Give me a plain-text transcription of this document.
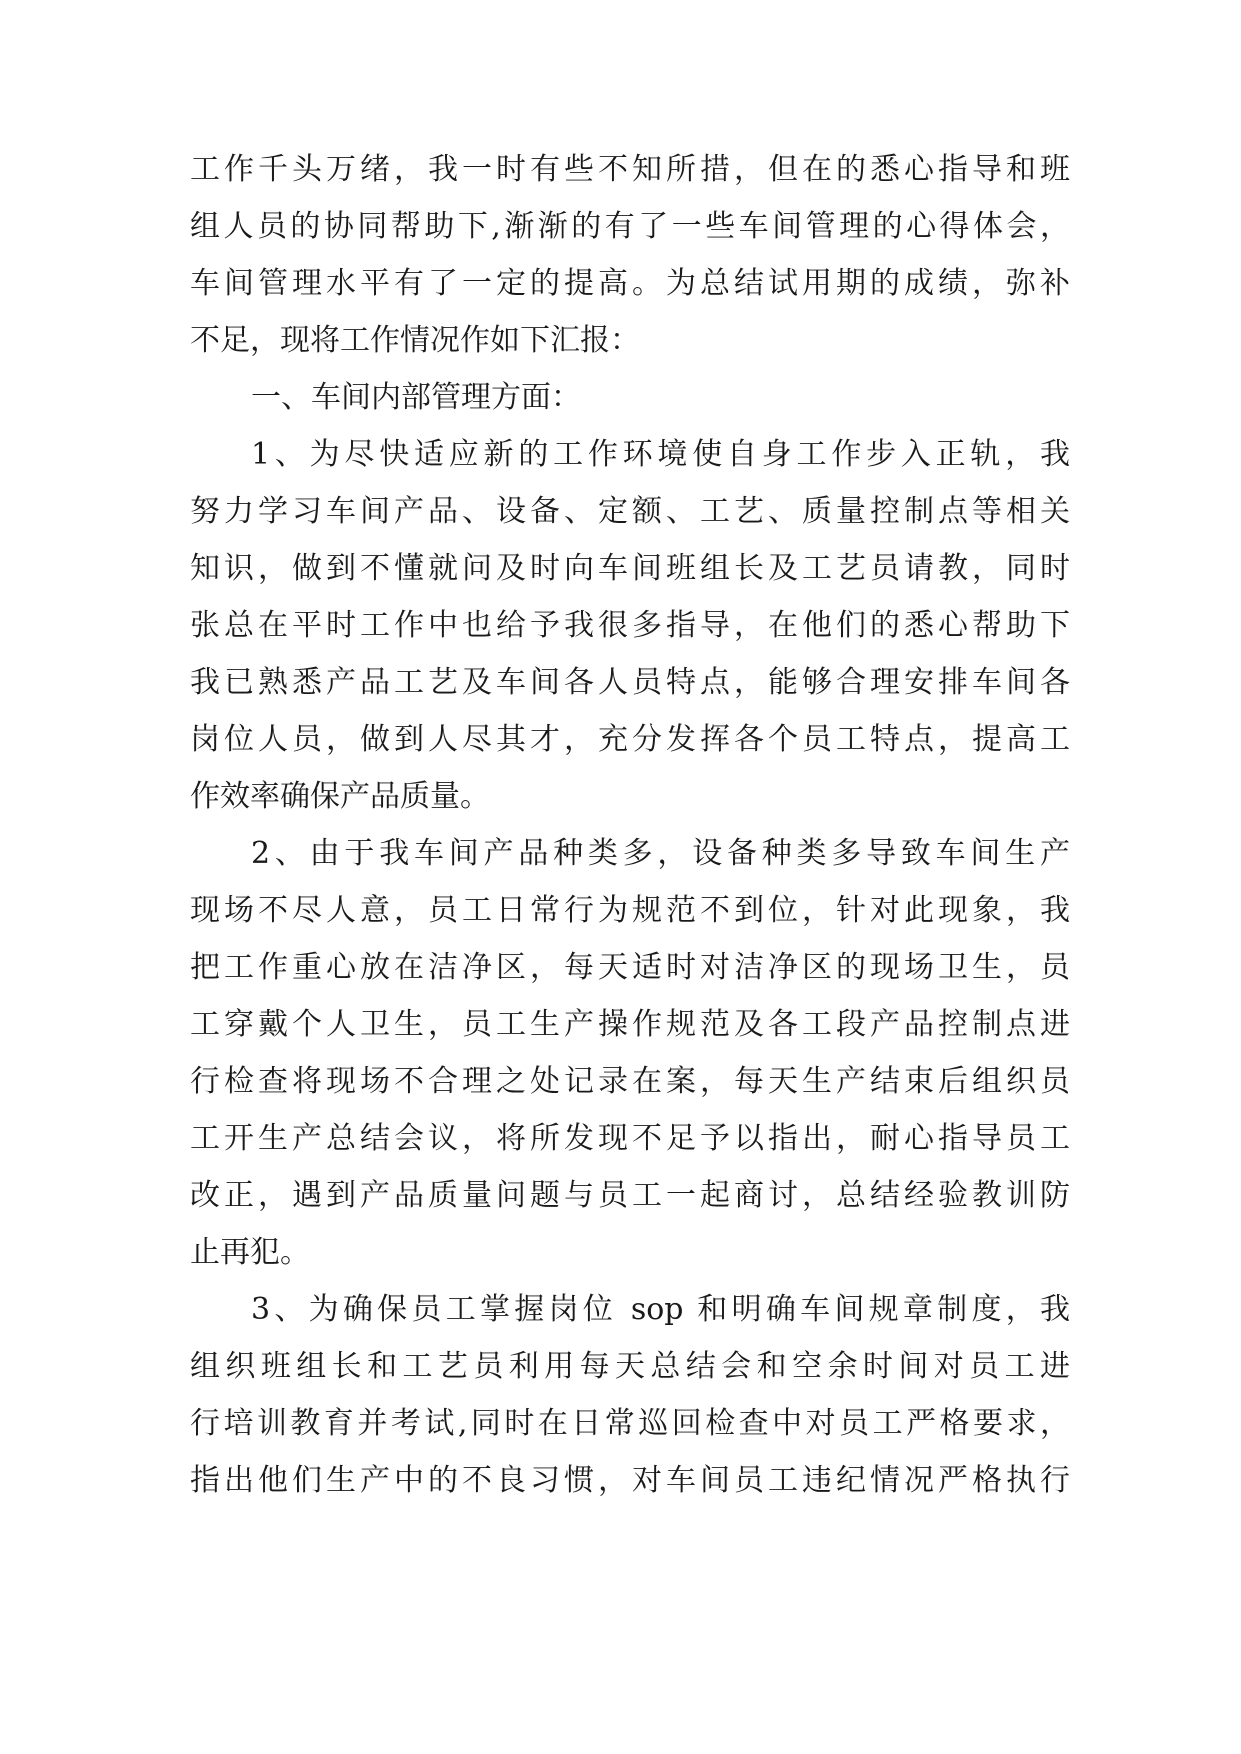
工作千头万绪，我一时有些不知所措，但在的悉心指导和班
组人员的协同帮助下,渐渐的有了一些车间管理的心得体会，
车间管理水平有了一定的提高。为总结试用期的成绩，弥补
不足，现将工作情况作如下汇报：
一、车间内部管理方面：
1、为尽快适应新的工作环境使自身工作步入正轨，我
努力学习车间产品、设备、定额、工艺、质量控制点等相关
知识，做到不懂就问及时向车间班组长及工艺员请教，同时
张总在平时工作中也给予我很多指导，在他们的悉心帮助下
我已熟悉产品工艺及车间各人员特点，能够合理安排车间各
岗位人员，做到人尽其才，充分发挥各个员工特点，提高工
作效率确保产品质量。
2、由于我车间产品种类多，设备种类多导致车间生产
现场不尽人意，员工日常行为规范不到位，针对此现象，我
把工作重心放在洁净区，每天适时对洁净区的现场卫生，员
工穿戴个人卫生，员工生产操作规范及各工段产品控制点进
行检查将现场不合理之处记录在案，每天生产结束后组织员
工开生产总结会议，将所发现不足予以指出，耐心指导员工
改正，遇到产品质量问题与员工一起商讨，总结经验教训防
止再犯。
3、为确保员工掌握岗位 sop 和明确车间规章制度，我
组织班组长和工艺员利用每天总结会和空余时间对员工进
行培训教育并考试,同时在日常巡回检查中对员工严格要求，
指出他们生产中的不良习惯，对车间员工违纪情况严格执行
